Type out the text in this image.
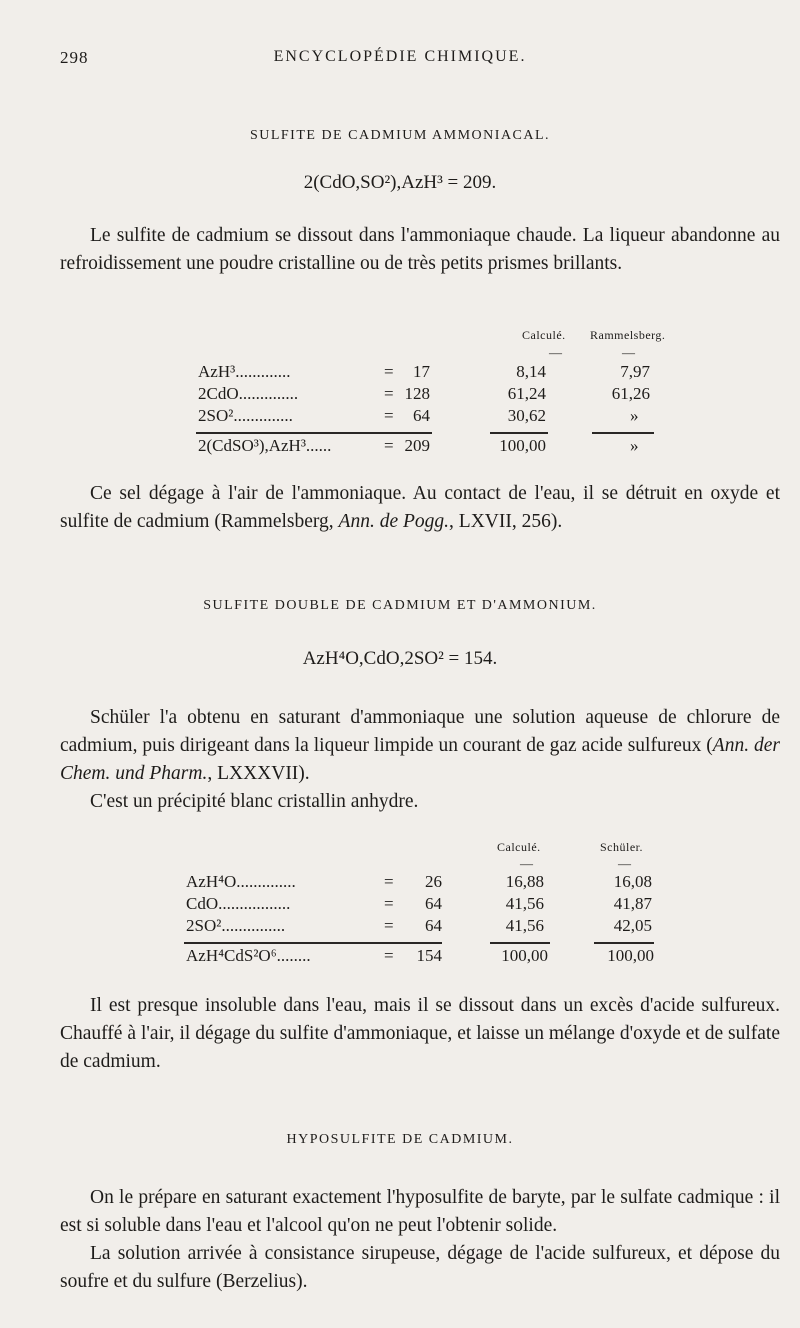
298	ENCYCLOPÉDIE CHIMIQUE.
SULFITE DE CADMIUM AMMONIACAL.
2(CdO,SO²),AzH³ = 209.

Le sulfite de cadmium se dissout dans l'ammoniaque chaude. La liqueur abandonne au refroidissement une poudre cristalline ou de très petits prismes brillants.

Calculé. Rammelsberg.
—	—
AzH³.............	=	17	8,14	7,97
2CdO..............	= 128	61,24	61,26
2SO²..............	=	64	30,62	»
2(CdSO³),AzH³......	= 209	100,00	»

Ce sel dégage à l'air de l'ammoniaque. Au contact de l'eau, il se détruit en oxyde et sulfite de cadmium (Rammelsberg, Ann. de Pogg., LXVII, 256).

SULFITE DOUBLE DE CADMIUM ET D'AMMONIUM.
AzH⁴O,CdO,2SO² = 154.

Schüler l'a obtenu en saturant d'ammoniaque une solution aqueuse de chlorure de cadmium, puis dirigeant dans la liqueur limpide un courant de gaz acide sulfureux (Ann. der Chem. und Pharm., LXXXVII).

C'est un précipité blanc cristallin anhydre.

Calculé.	Schüler.
—	—
AzH⁴O..............	=	26	16,88	16,08
CdO.................	=	64	41,56	41,87
2SO²...............	=	64	41,56	42,05
AzH⁴CdS²O⁶........	=	154	100,00	100,00

Il est presque insoluble dans l'eau, mais il se dissout dans un excès d'acide sulfureux. Chauffé à l'air, il dégage du sulfite d'ammoniaque, et laisse un mélange d'oxyde et de sulfate de cadmium.

HYPOSULFITE DE CADMIUM.

On le prépare en saturant exactement l'hyposulfite de baryte, par le sulfate cadmique : il est si soluble dans l'eau et l'alcool qu'on ne peut l'obtenir solide.

La solution arrivée à consistance sirupeuse, dégage de l'acide sulfureux, et dépose du soufre et du sulfure (Berzelius).
